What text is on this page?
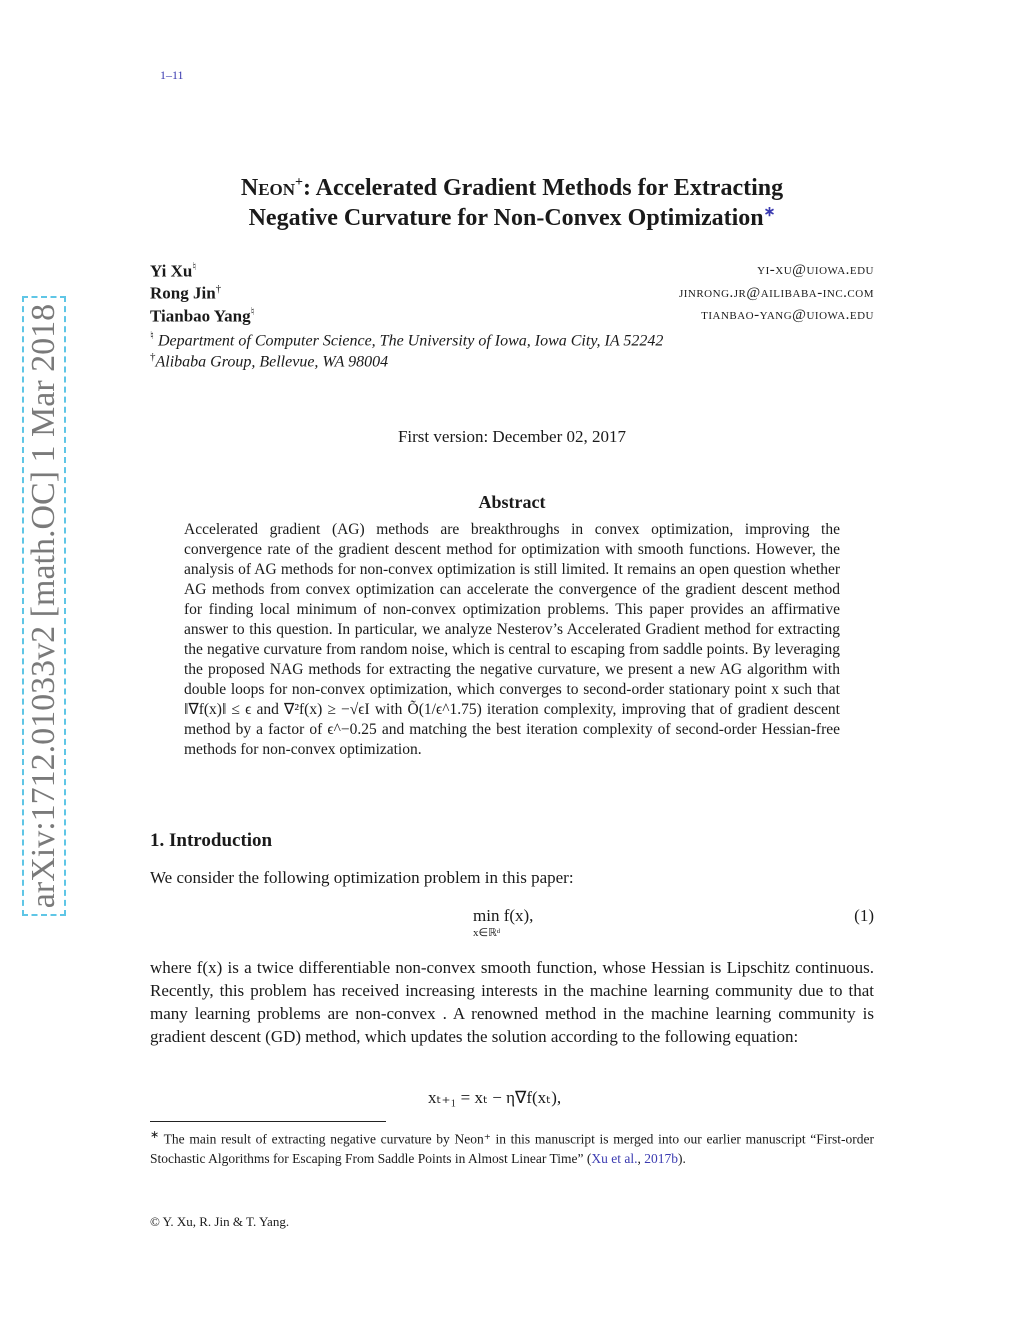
1–11
arXiv:1712.01033v2 [math.OC] 1 Mar 2018
Neon+: Accelerated Gradient Methods for Extracting
Negative Curvature for Non-Convex Optimization∗
Yi Xu♮	yi-xu@uiowa.edu
Rong Jin†	jinrong.jr@ailibaba-inc.com
Tianbao Yang♮	tianbao-yang@uiowa.edu
♮ Department of Computer Science, The University of Iowa, Iowa City, IA 52242
†Alibaba Group, Bellevue, WA 98004
First version: December 02, 2017
Abstract
Accelerated gradient (AG) methods are breakthroughs in convex optimization, improving the convergence rate of the gradient descent method for optimization with smooth functions. However, the analysis of AG methods for non-convex optimization is still limited. It remains an open question whether AG methods from convex optimization can accelerate the convergence of the gradient descent method for finding local minimum of non-convex optimization problems. This paper provides an affirmative answer to this question. In particular, we analyze Nesterov’s Accelerated Gradient method for extracting the negative curvature from random noise, which is central to escaping from saddle points. By leveraging the proposed NAG methods for extracting the negative curvature, we present a new AG algorithm with double loops for non-convex optimization, which converges to second-order stationary point x such that ‖∇f(x)‖ ≤ ϵ and ∇²f(x) ≥ −√ϵI with Õ(1/ϵ^1.75) iteration complexity, improving that of gradient descent method by a factor of ϵ^−0.25 and matching the best iteration complexity of second-order Hessian-free methods for non-convex optimization.
1. Introduction
We consider the following optimization problem in this paper:
min f(x),
x∈ℝᵈ
(1)
where f(x) is a twice differentiable non-convex smooth function, whose Hessian is Lipschitz continuous. Recently, this problem has received increasing interests in the machine learning community due to that many learning problems are non-convex . A renowned method in the machine learning community is gradient descent (GD) method, which updates the solution according to the following equation:
xₜ₊₁ = xₜ − η∇f(xₜ),
∗ The main result of extracting negative curvature by Neon⁺ in this manuscript is merged into our earlier manuscript “First-order Stochastic Algorithms for Escaping From Saddle Points in Almost Linear Time” (Xu et al., 2017b).
© Y. Xu, R. Jin & T. Yang.
